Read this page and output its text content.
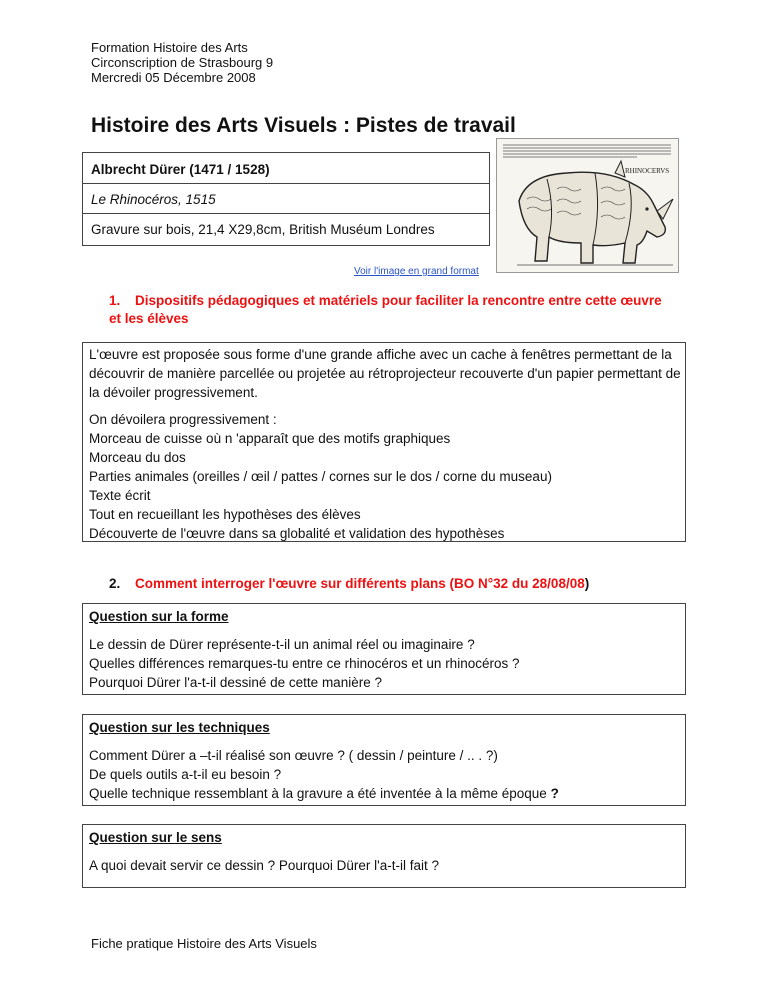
Formation Histoire des Arts
Circonscription de Strasbourg 9
Mercredi 05 Décembre 2008
Histoire des Arts Visuels : Pistes de travail
Albrecht Dürer (1471 / 1528)
Le Rhinocéros, 1515
Gravure sur bois, 21,4 X29,8cm, British Muséum Londres
RHINOCERVS
Voir l'image en grand format
1. Dispositifs pédagogiques et matériels pour faciliter la rencontre entre cette œuvre et les élèves

L'œuvre est proposée sous forme d'une grande affiche avec un cache à fenêtres permettant de la découvrir de manière parcellée ou projetée au rétroprojecteur recouverte d'un papier permettant de la dévoiler progressivement.

On dévoilera progressivement :

Morceau de cuisse où n 'apparaît que des motifs graphiques

Morceau du dos

Parties animales (oreilles / œil / pattes / cornes sur le dos / corne du museau)

Texte écrit

Tout en recueillant les hypothèses des élèves

Découverte de l'œuvre dans sa globalité et validation des hypothèses

2. Comment interroger l'œuvre sur différents plans (BO N°32 du 28/08/08)

Question sur la forme

Le dessin de Dürer représente-t-il un animal réel ou imaginaire ?

Quelles différences remarques-tu entre ce rhinocéros et un rhinocéros ?

Pourquoi Dürer l'a-t-il dessiné de cette manière ?

Question sur les techniques

Comment Dürer a –t-il réalisé son œuvre ? ( dessin / peinture / .. . ?)

De quels outils a-t-il eu besoin ?

Quelle technique ressemblant à la gravure a été inventée à la même époque ?

Question sur le sens

A quoi devait servir ce dessin ? Pourquoi Dürer l'a-t-il fait ?

Fiche pratique Histoire des Arts Visuels
